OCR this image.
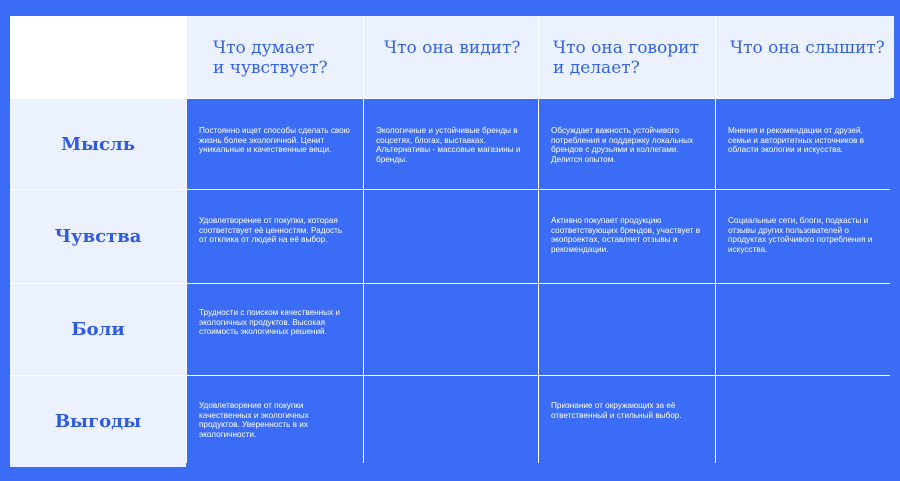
Что думает
и чувствует?
Что она видит?	Что она говорит
и делает?
Что она слышит?
Мысль
Постоянно ищет способы сделать свою жизнь более экологичной. Ценит уникальные и качественные вещи.
Экологичные и устойчивые бренды в соцсетях, блогах, выставках. Альтернативы - массовые магазины и бренды.
Обсуждает важность устойчивого потребления и поддержку локальных брендов с друзьями и коллегами. Делится опытом.
Мнения и рекомендации от друзей, семьи и авторитетных источников в области экологии и искусства.
Чувства
Удовлетворение от покупки, которая соответствует её ценностям. Радость от отклика от людей на её выбор.
Активно покупает продукцию соответствующих брендов, участвует в экопроектах, оставляет отзывы и рекомендации.
Социальные сети, блоги, подкасты и отзывы других пользователей о продуктах устойчивого потребления и искусства.
Боли
Трудности с поиском качественных и экологичных продуктов. Высокая стоимость экологичных решений.
Выгоды
Удовлетворение от покупки качественных и экологичных продуктов. Уверенность в их экологичности.
Признание от окружающих за её ответственный и стильный выбор.
